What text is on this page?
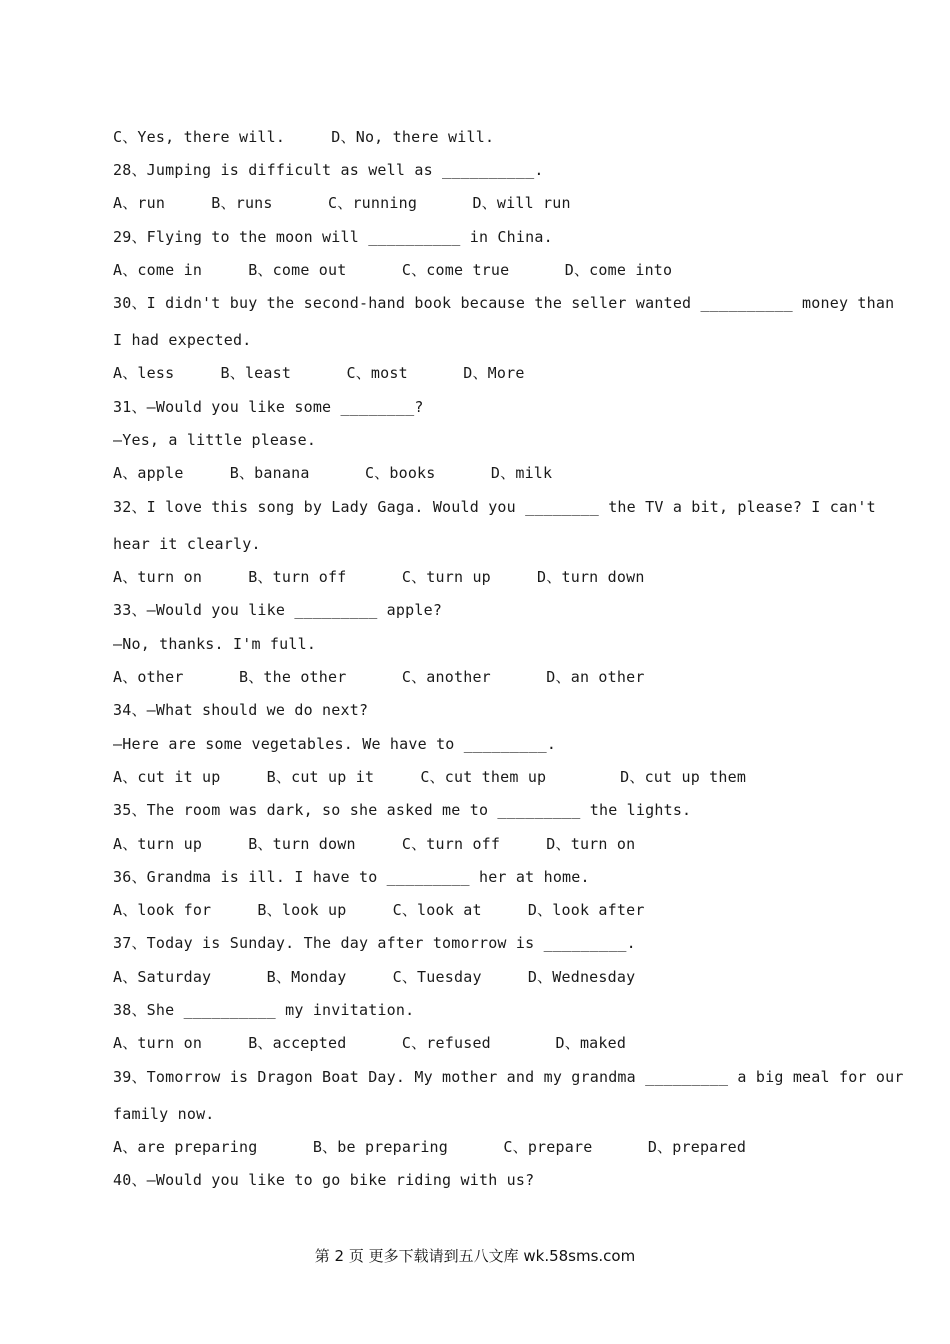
C、Yes, there will.     D、No, there will.
28、Jumping is difficult as well as __________.
A、run     B、runs      C、running      D、will run
29、Flying to the moon will __________ in China.
A、come in     B、come out      C、come true      D、come into
30、I didn't buy the second-hand book because the seller wanted __________ money than
I had expected.
A、less     B、least      C、most      D、More
31、—Would you like some ________?
—Yes, a little please.
A、apple     B、banana      C、books      D、milk
32、I love this song by Lady Gaga. Would you ________ the TV a bit, please? I can't
hear it clearly.
A、turn on     B、turn off      C、turn up     D、turn down
33、—Would you like _________ apple?
—No, thanks. I'm full.
A、other      B、the other      C、another      D、an other
34、—What should we do next?
—Here are some vegetables. We have to _________.
A、cut it up     B、cut up it     C、cut them up        D、cut up them
35、The room was dark, so she asked me to _________ the lights.
A、turn up     B、turn down     C、turn off     D、turn on
36、Grandma is ill. I have to _________ her at home.
A、look for     B、look up     C、look at     D、look after
37、Today is Sunday. The day after tomorrow is _________.
A、Saturday      B、Monday     C、Tuesday     D、Wednesday
38、She __________ my invitation.
A、turn on     B、accepted      C、refused       D、maked
39、Tomorrow is Dragon Boat Day. My mother and my grandma _________ a big meal for our
family now.
A、are preparing      B、be preparing      C、prepare      D、prepared
40、—Would you like to go bike riding with us?
第 2 页 更多下载请到五八文库 wk.58sms.com
